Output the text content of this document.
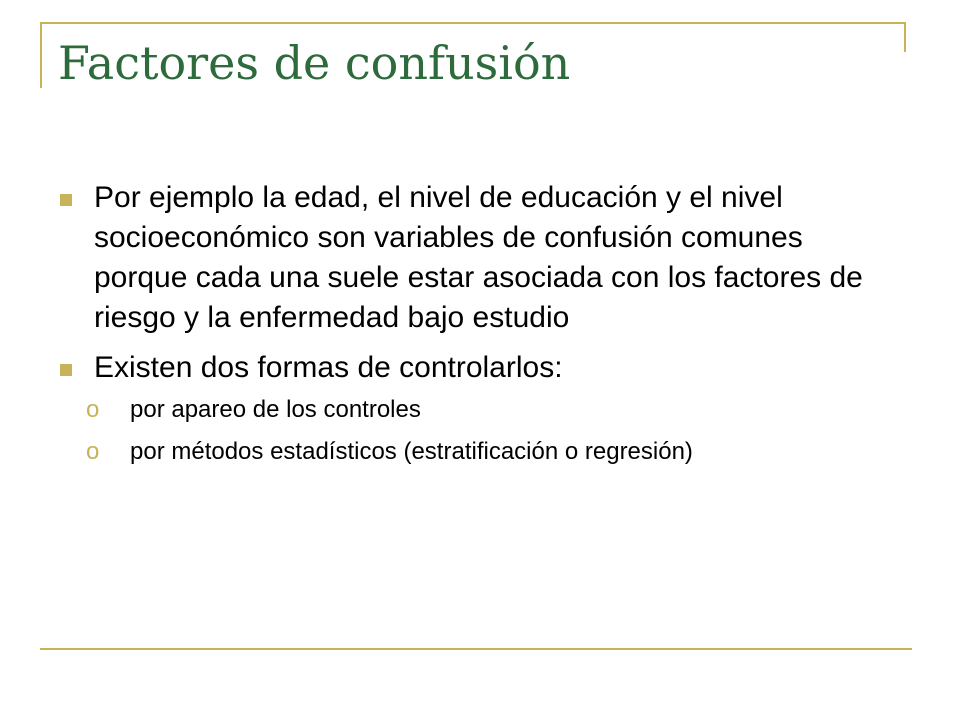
Factores de confusión
Por ejemplo la edad, el nivel de educación y el nivel socioeconómico son variables de confusión comunes porque cada una suele estar asociada con los factores de riesgo y la enfermedad bajo estudio
Existen dos formas de controlarlos:
o por apareo de los controles
o por métodos estadísticos (estratificación o regresión)
